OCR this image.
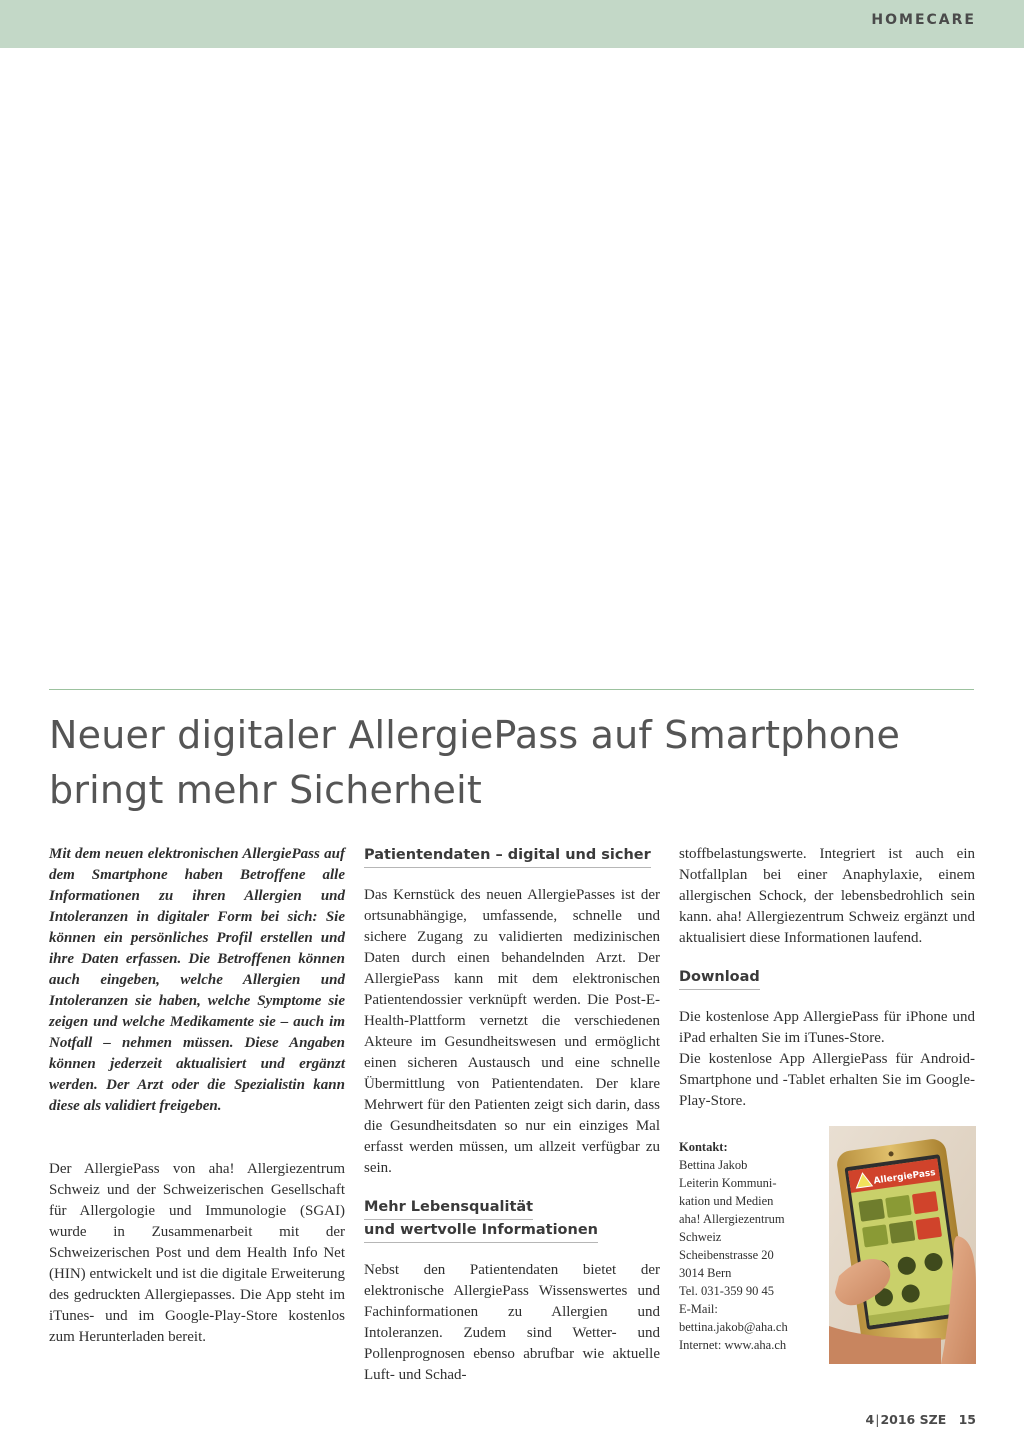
HOMECARE
Neuer digitaler AllergiePass auf Smartphone bringt mehr Sicherheit

Mit dem neuen elektronischen AllergiePass auf dem Smartphone haben Betroffene alle Informationen zu ihren Allergien und Intoleranzen in digitaler Form bei sich: Sie können ein persönliches Profil erstellen und ihre Daten erfassen. Die Betroffenen können auch eingeben, welche Allergien und Intoleranzen sie haben, welche Symptome sie zeigen und welche Medikamente sie – auch im Notfall – nehmen müssen. Diese Angaben können jederzeit aktualisiert und ergänzt werden. Der Arzt oder die Spezialistin kann diese als validiert freigeben.

Der AllergiePass von aha! Allergiezentrum Schweiz und der Schweizerischen Gesellschaft für Allergologie und Immunologie (SGAI) wurde in Zusammenarbeit mit der Schweizerischen Post und dem Health Info Net (HIN) entwickelt und ist die digitale Erweiterung des gedruckten Allergiepasses. Die App steht im iTunes- und im Google-Play-Store kostenlos zum Herunterladen bereit.

Patientendaten – digital und sicher

Das Kernstück des neuen AllergiePasses ist der ortsunabhängige, umfassende, schnelle und sichere Zugang zu validierten medizinischen Daten durch einen behandelnden Arzt. Der AllergiePass kann mit dem elektronischen Patientendossier verknüpft werden. Die Post-E-Health-Plattform vernetzt die verschiedenen Akteure im Gesundheitswesen und ermöglicht einen sicheren Austausch und eine schnelle Übermittlung von Patientendaten. Der klare Mehrwert für den Patienten zeigt sich darin, dass die Gesundheitsdaten so nur ein einziges Mal erfasst werden müssen, um allzeit verfügbar zu sein.

Mehr Lebensqualität
und wertvolle Informationen

Nebst den Patientendaten bietet der elektronische AllergiePass Wissenswertes und Fachinformationen zu Allergien und Intoleranzen. Zudem sind Wetter- und Pollenprognosen ebenso abrufbar wie aktuelle Luft- und Schad-

stoffbelastungswerte. Integriert ist auch ein Notfallplan bei einer Anaphylaxie, einem allergischen Schock, der lebensbedrohlich sein kann. aha! Allergiezentrum Schweiz ergänzt und aktualisiert diese Informationen laufend.

Download

Die kostenlose App AllergiePass für iPhone und iPad erhalten Sie im iTunes-Store.

Die kostenlose App AllergiePass für Android-Smartphone und -Tablet erhalten Sie im Google-Play-Store.

Kontakt:
Bettina Jakob
Leiterin Kommuni-
kation und Medien
aha! Allergiezentrum
Schweiz
Scheibenstrasse 20
3014 Bern
Tel. 031-359 90 45
E-Mail:
bettina.jakob@aha.ch
Internet: www.aha.ch
AllergiePass
4|2016 SZE 15
